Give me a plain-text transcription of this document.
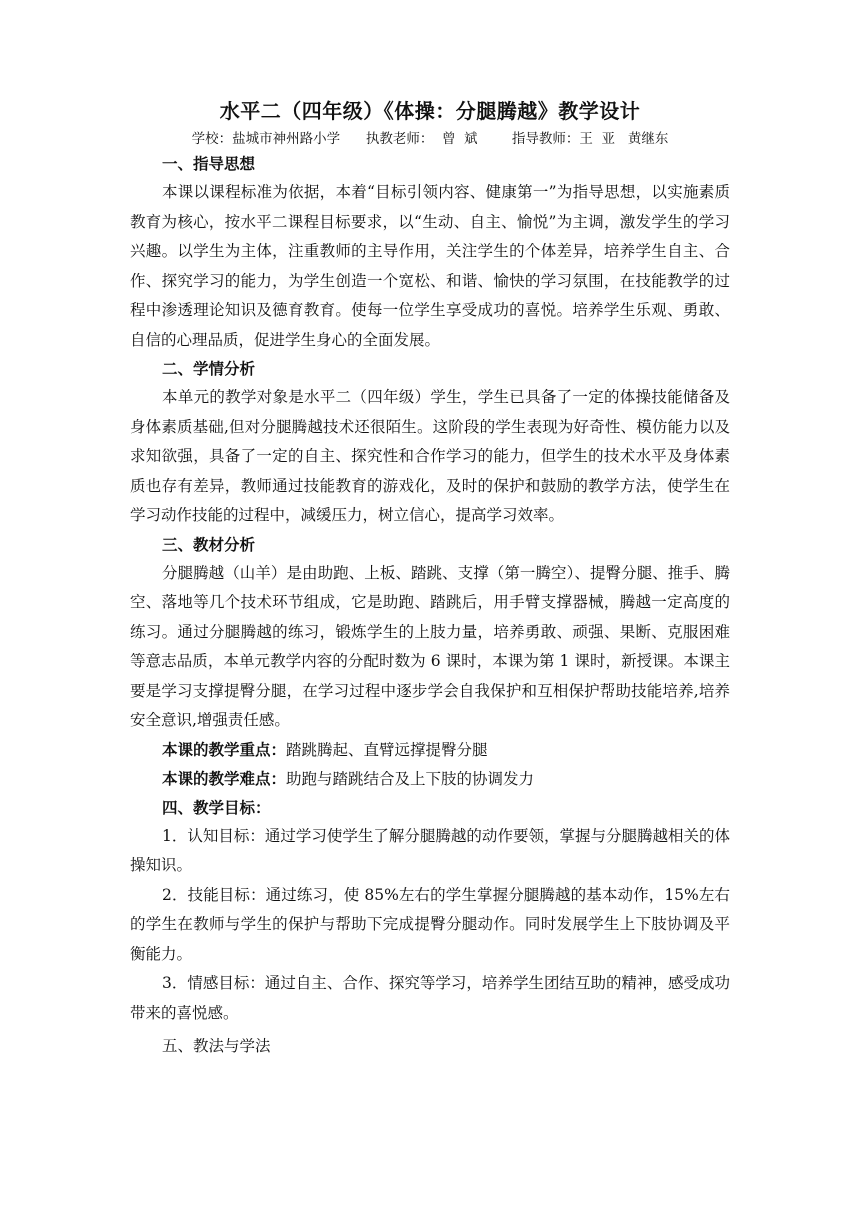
水平二（四年级）《体操：分腿腾越》教学设计

学校：盐城市神州路小学      执教老师：  曾  斌        指导教师：王  亚   黄继东

一、指导思想

本课以课程标准为依据，本着“目标引领内容、健康第一”为指导思想，以实施素质教育为核心，按水平二课程目标要求，以“生动、自主、愉悦”为主调，激发学生的学习兴趣。以学生为主体，注重教师的主导作用，关注学生的个体差异，培养学生自主、合作、探究学习的能力，为学生创造一个宽松、和谐、愉快的学习氛围，在技能教学的过程中渗透理论知识及德育教育。使每一位学生享受成功的喜悦。培养学生乐观、勇敢、自信的心理品质，促进学生身心的全面发展。

二、学情分析

本单元的教学对象是水平二（四年级）学生，学生已具备了一定的体操技能储备及身体素质基础,但对分腿腾越技术还很陌生。这阶段的学生表现为好奇性、模仿能力以及求知欲强，具备了一定的自主、探究性和合作学习的能力，但学生的技术水平及身体素质也存有差异，教师通过技能教育的游戏化，及时的保护和鼓励的教学方法，使学生在学习动作技能的过程中，减缓压力，树立信心，提高学习效率。

三、教材分析

分腿腾越（山羊）是由助跑、上板、踏跳、支撑（第一腾空）、提臀分腿、推手、腾空、落地等几个技术环节组成，它是助跑、踏跳后，用手臂支撑器械，腾越一定高度的练习。通过分腿腾越的练习，锻炼学生的上肢力量，培养勇敢、顽强、果断、克服困难等意志品质，本单元教学内容的分配时数为 6 课时，本课为第 1 课时，新授课。本课主要是学习支撑提臀分腿，在学习过程中逐步学会自我保护和互相保护帮助技能培养,培养安全意识,增强责任感。

本课的教学重点：踏跳腾起、直臂远撑提臀分腿

本课的教学难点：助跑与踏跳结合及上下肢的协调发力

四、教学目标：

1．认知目标：通过学习使学生了解分腿腾越的动作要领，掌握与分腿腾越相关的体操知识。

2．技能目标：通过练习，使 85%左右的学生掌握分腿腾越的基本动作，15%左右的学生在教师与学生的保护与帮助下完成提臀分腿动作。同时发展学生上下肢协调及平衡能力。

3．情感目标：通过自主、合作、探究等学习，培养学生团结互助的精神，感受成功带来的喜悦感。

五、教法与学法
